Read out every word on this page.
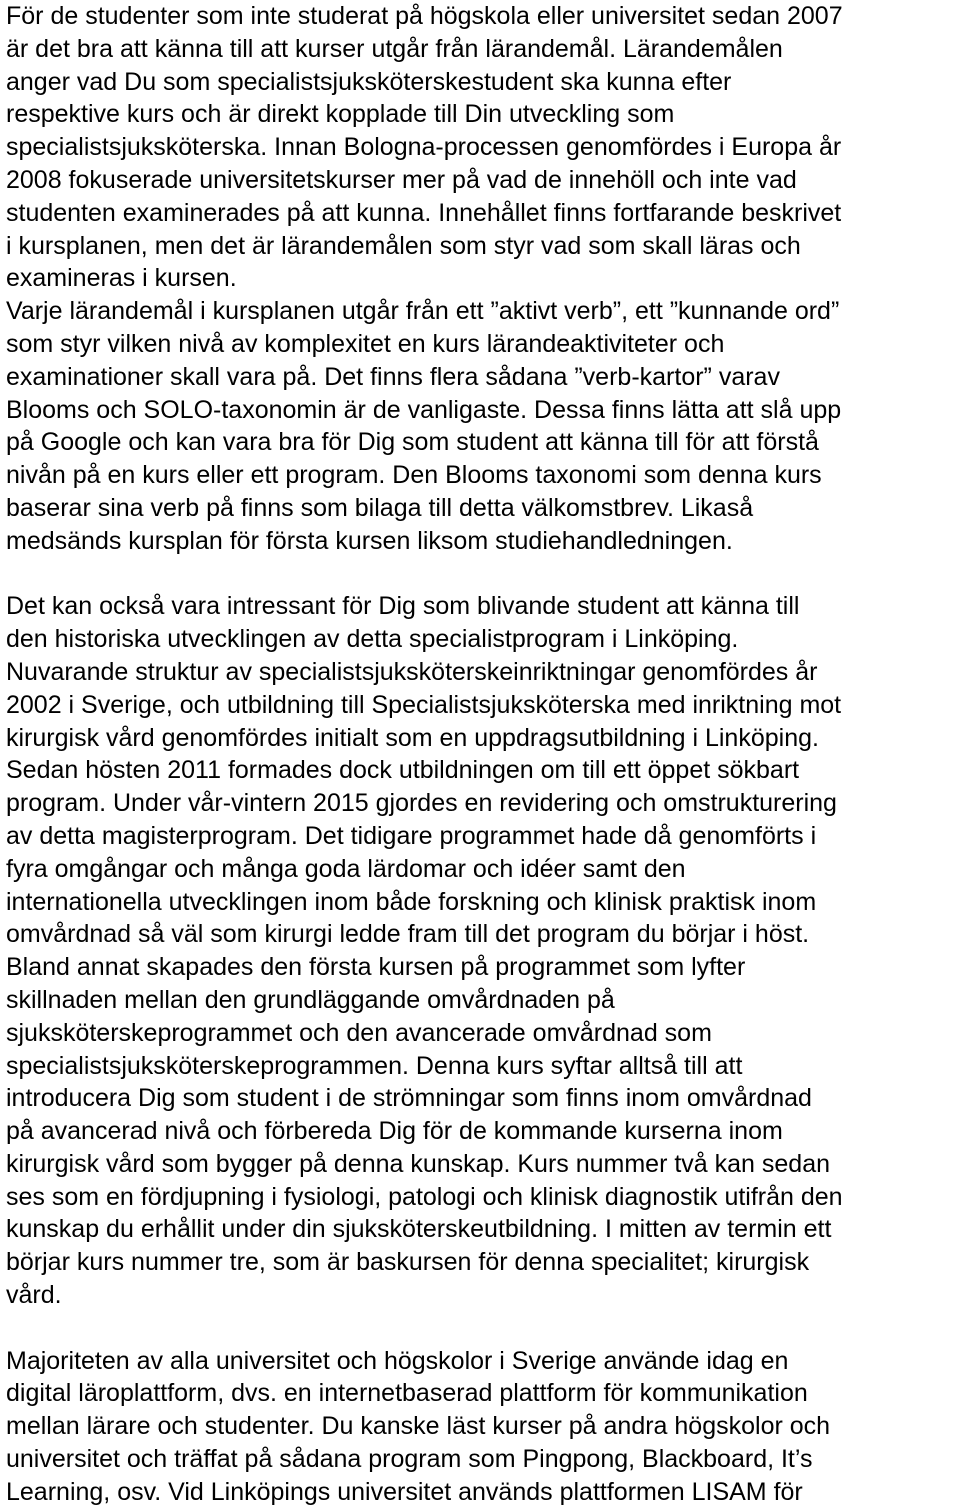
För de studenter som inte studerat på högskola eller universitet sedan 2007
är det bra att känna till att kurser utgår från lärandemål. Lärandemålen
anger vad Du som specialistsjuksköterskestudent ska kunna efter
respektive kurs och är direkt kopplade till Din utveckling som
specialistsjuksköterska. Innan Bologna-processen genomfördes i Europa år
2008 fokuserade universitetskurser mer på vad de innehöll och inte vad
studenten examinerades på att kunna. Innehållet finns fortfarande beskrivet
i kursplanen, men det är lärandemålen som styr vad som skall läras och
examineras i kursen.
Varje lärandemål i kursplanen utgår från ett ”aktivt verb”, ett ”kunnande ord”
som styr vilken nivå av komplexitet en kurs lärandeaktiviteter och
examinationer skall vara på. Det finns flera sådana ”verb-kartor” varav
Blooms och SOLO-taxonomin är de vanligaste. Dessa finns lätta att slå upp
på Google och kan vara bra för Dig som student att känna till för att förstå
nivån på en kurs eller ett program. Den Blooms taxonomi som denna kurs
baserar sina verb på finns som bilaga till detta välkomstbrev. Likaså
medsänds kursplan för första kursen liksom studiehandledningen.
Det kan också vara intressant för Dig som blivande student att känna till
den historiska utvecklingen av detta specialistprogram i Linköping.
Nuvarande struktur av specialistsjuksköterskeinriktningar genomfördes år
2002 i Sverige, och utbildning till Specialistsjuksköterska med inriktning mot
kirurgisk vård genomfördes initialt som en uppdragsutbildning i Linköping.
Sedan hösten 2011 formades dock utbildningen om till ett öppet sökbart
program. Under vår-vintern 2015 gjordes en revidering och omstrukturering
av detta magisterprogram. Det tidigare programmet hade då genomförts i
fyra omgångar och många goda lärdomar och idéer samt den
internationella utvecklingen inom både forskning och klinisk praktisk inom
omvårdnad så väl som kirurgi ledde fram till det program du börjar i höst.
Bland annat skapades den första kursen på programmet som lyfter
skillnaden mellan den grundläggande omvårdnaden på
sjuksköterskeprogrammet och den avancerade omvårdnad som
specialistsjuksköterskeprogrammen. Denna kurs syftar alltså till att
introducera Dig som student i de strömningar som finns inom omvårdnad
på avancerad nivå och förbereda Dig för de kommande kurserna inom
kirurgisk vård som bygger på denna kunskap. Kurs nummer två kan sedan
ses som en fördjupning i fysiologi, patologi och klinisk diagnostik utifrån den
kunskap du erhållit under din sjuksköterskeutbildning. I mitten av termin ett
börjar kurs nummer tre, som är baskursen för denna specialitet; kirurgisk
vård.
Majoriteten av alla universitet och högskolor i Sverige använde idag en
digital läroplattform, dvs. en internetbaserad plattform för kommunikation
mellan lärare och studenter. Du kanske läst kurser på andra högskolor och
universitet och träffat på sådana program som Pingpong, Blackboard, It’s
Learning, osv. Vid Linköpings universitet används plattformen LISAM för
